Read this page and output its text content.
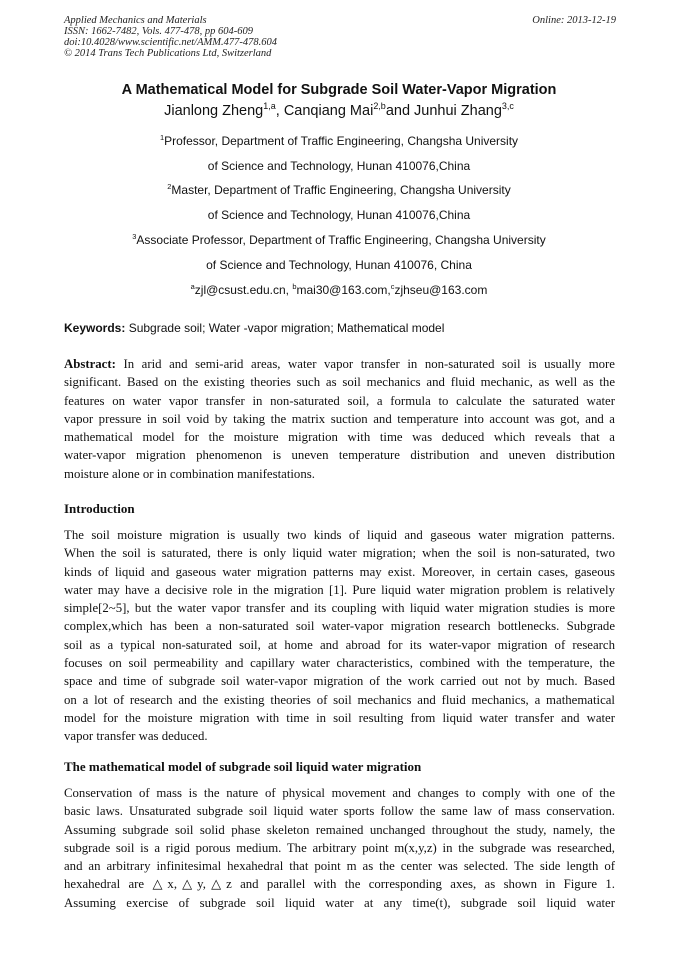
Applied Mechanics and Materials
ISSN: 1662-7482, Vols. 477-478, pp 604-609
doi:10.4028/www.scientific.net/AMM.477-478.604
© 2014 Trans Tech Publications Ltd, Switzerland
Online: 2013-12-19
A Mathematical Model for Subgrade Soil Water-Vapor Migration
Jianlong Zheng$^{1,a}$, Canqiang Mai$^{2,b}$and Junhui Zhang$^{3,c}$
$^1$Professor, Department of Traffic Engineering, Changsha University
of Science and Technology, Hunan 410076,China
$^2$Master, Department of Traffic Engineering, Changsha University
of Science and Technology, Hunan 410076,China
$^3$Associate Professor, Department of Traffic Engineering, Changsha University
of Science and Technology, Hunan 410076, China
$^a$zjl@csust.edu.cn, $^b$mai30@163.com,$^c$zjhseu@163.com
Keywords: Subgrade soil; Water -vapor migration; Mathematical model
Abstract: In arid and semi-arid areas, water vapor transfer in non-saturated soil is usually more
significant. Based on the existing theories such as soil mechanics and fluid mechanic, as well as the
features on water vapor transfer in non-saturated soil, a formula to calculate the saturated water
vapor pressure in soil void by taking the matrix suction and temperature into account was got, and a
mathematical model for the moisture migration with time was deduced which reveals that a
water-vapor migration phenomenon is uneven temperature distribution and uneven distribution
moisture alone or in combination manifestations.
Introduction
The soil moisture migration is usually two kinds of liquid and gaseous water migration patterns.
When the soil is saturated, there is only liquid water migration; when the soil is non-saturated, two
kinds of liquid and gaseous water migration patterns may exist. Moreover, in certain cases, gaseous
water may have a decisive role in the migration [1]. Pure liquid water migration problem is relatively
simple[2~5], but the water vapor transfer and its coupling with liquid water migration studies is more
complex,which has been a non-saturated soil water-vapor migration research bottlenecks. Subgrade
soil as a typical non-saturated soil, at home and abroad for its water-vapor migration of research
focuses on soil permeability and capillary water characteristics, combined with the temperature, the
space and time of subgrade soil water-vapor migration of the work carried out not by much. Based
on a lot of research and the existing theories of soil mechanics and fluid mechanics, a mathematical
model for the moisture migration with time in soil resulting from liquid water transfer and water
vapor transfer was deduced.
The mathematical model of subgrade soil liquid water migration
Conservation of mass is the nature of physical movement and changes to comply with one of the
basic laws. Unsaturated subgrade soil liquid water sports follow the same law of mass conservation.
Assuming subgrade soil solid phase skeleton remained unchanged throughout the study, namely, the
subgrade soil is a rigid porous medium. The arbitrary point m(x,y,z) in the subgrade was researched,
and an arbitrary infinitesimal hexahedral that point m as the center was selected. The side length of
hexahedral are △x,△y,△z and parallel with the corresponding axes, as shown in Figure 1.
Assuming exercise of subgrade soil liquid water at any time(t), subgrade soil liquid water
